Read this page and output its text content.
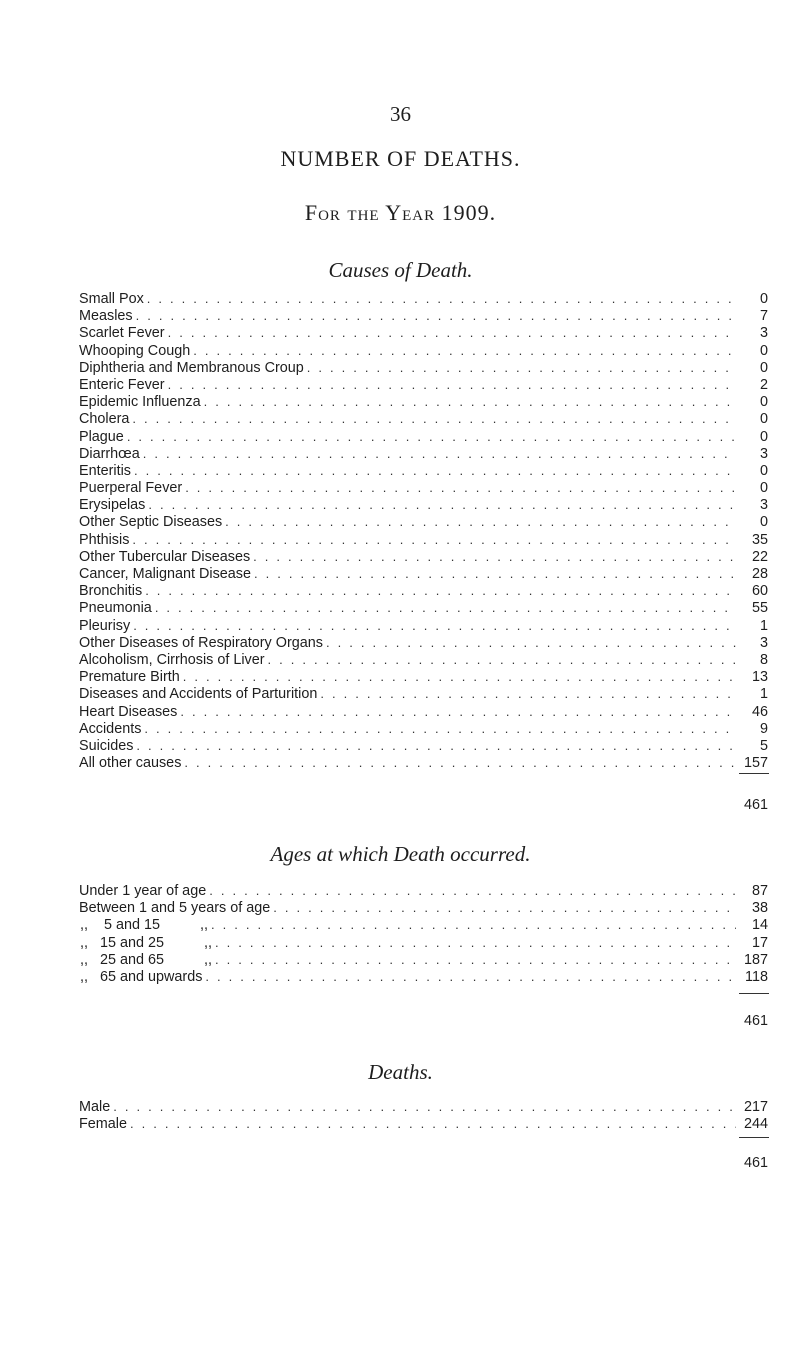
36
NUMBER OF DEATHS.
For the Year 1909.
Causes of Death.
Small Pox . . .	0
Measles . . .	7
Scarlet Fever . . .	3
Whooping Cough . . .	0
Diphtheria and Membranous Croup . . .	0
Enteric Fever . . .	2
Epidemic Influenza . . .	0
Cholera . . .	0
Plague . . .	0
Diarrhœa . . .	3
Enteritis . . .	0
Puerperal Fever . . .	0
Erysipelas . . .	3
Other Septic Diseases . . .	0
Phthisis . . .	35
Other Tubercular Diseases . . .	22
Cancer, Malignant Disease . . .	28
Bronchitis . . .	60
Pneumonia . . .	55
Pleurisy . . .	1
Other Diseases of Respiratory Organs . . .	3
Alcoholism, Cirrhosis of Liver . . .	8
Premature Birth . . .	13
Diseases and Accidents of Parturition . . .	1
Heart Diseases . . .	46
Accidents . . .	9
Suicides . . .	5
All other causes . . .	157
461
Ages at which Death occurred.
Under 1 year of age . . .	87
Between 1 and 5 years of age . . .	38
,,    5 and 15          ,, . . .	14
,,   15 and 25          ,, . . .	17
,,   25 and 65          ,, . . .	187
,,   65 and upwards . . .	118
461
Deaths.
Male . . .	217
Female . . .	244
461
